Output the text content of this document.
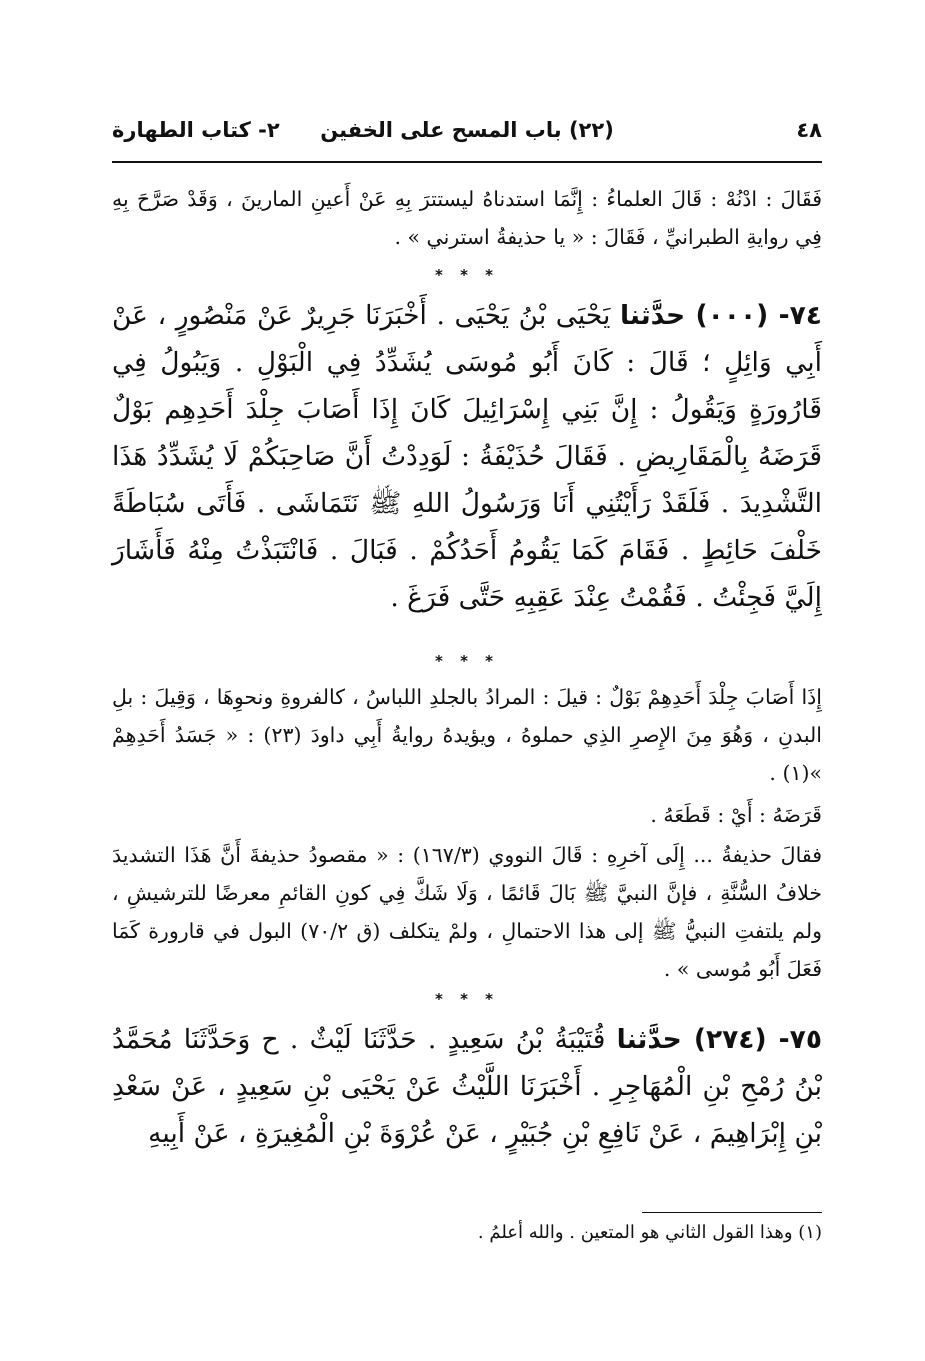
٤٨
(٢٢) باب المسح على الخفين
٢- كتاب الطهارة

فَقَالَ : ادْنُهْ : قَالَ العلماءُ : إِنَّمَا استدناهُ ليستترَ بِهِ عَنْ أَعينِ المارينَ ، وَقَدْ صَرَّحَ بِهِ فِي روايةِ الطبرانيِّ ، فَقَالَ : « يا حذيفةُ استرني » .

* * *

٧٤- (٠٠٠) حدَّثنا يَحْيَى بْنُ يَحْيَى . أَخْبَرَنَا جَرِيرٌ عَنْ مَنْصُورٍ ، عَنْ أَبِي وَائِلٍ ؛ قَالَ : كَانَ أَبُو مُوسَى يُشَدِّدُ فِي الْبَوْلِ . وَيَبُولُ فِي قَارُورَةٍ وَيَقُولُ : إِنَّ بَنِي إِسْرَائِيلَ كَانَ إِذَا أَصَابَ جِلْدَ أَحَدِهِم بَوْلٌ قَرَضَهُ بِالْمَقَارِيضِ . فَقَالَ حُذَيْفَةُ : لَوَدِدْتُ أَنَّ صَاحِبَكُمْ لَا يُشَدِّدُ هَذَا التَّشْدِيدَ . فَلَقَدْ رَأَيْتُنِي أَنَا وَرَسُولُ اللهِ ﷺ نَتَمَاشَى . فَأَتَى سُبَاطَةً خَلْفَ حَائِطٍ . فَقَامَ كَمَا يَقُومُ أَحَدُكُمْ . فَبَالَ . فَانْتَبَذْتُ مِنْهُ فَأَشَارَ إِلَيَّ فَجِئْتُ . فَقُمْتُ عِنْدَ عَقِبِهِ حَتَّى فَرَغَ .

* * *

إِذَا أَصَابَ جِلْدَ أَحَدِهِمْ بَوْلٌ : قيلَ : المرادُ بالجلدِ اللباسُ ، كالفروةِ ونحوِهَا ، وَقِيلَ : بلِ البدنِ ، وَهُوَ مِنَ الإِصرِ الذِي حملوهُ ، ويؤيدهُ روايةُ أَبِي داودَ (٢٣) : « جَسَدُ أَحَدِهِمْ »(١) .

قَرَضَهُ : أَيْ : قَطَعَهُ .

فقالَ حذيفةُ ... إِلَى آخرِهِ : قَالَ النووي (١٦٧/٣) : « مقصودُ حذيفةَ أَنَّ هَذَا التشديدَ خلافُ السُّنَّةِ ، فإنَّ النبيَّ ﷺ بَالَ قَائمًا ، وَلَا شَكَّ فِي كونِ القائمِ معرضًا للترشيشِ ، ولم يلتفتِ النبيُّ ﷺ إلى هذا الاحتمالِ ، ولمْ يتكلف (ق ٧٠/٢) البول في قارورة كَمَا فَعَلَ أَبُو مُوسى » .

* * *

٧٥- (٢٧٤) حدَّثنا قُتَيْبَةُ بْنُ سَعِيدٍ . حَدَّثَنَا لَيْثٌ . ح وَحَدَّثَنَا مُحَمَّدُ بْنُ رُمْحِ بْنِ الْمُهَاجِرِ . أَخْبَرَنَا اللَّيْثُ عَنْ يَحْيَى بْنِ سَعِيدٍ ، عَنْ سَعْدِ بْنِ إِبْرَاهِيمَ ، عَنْ نَافِعِ بْنِ جُبَيْرٍ ، عَنْ عُرْوَةَ بْنِ الْمُغِيرَةِ ، عَنْ أَبِيهِ

(١) وهذا القول الثاني هو المتعين . والله أعلمُ .
